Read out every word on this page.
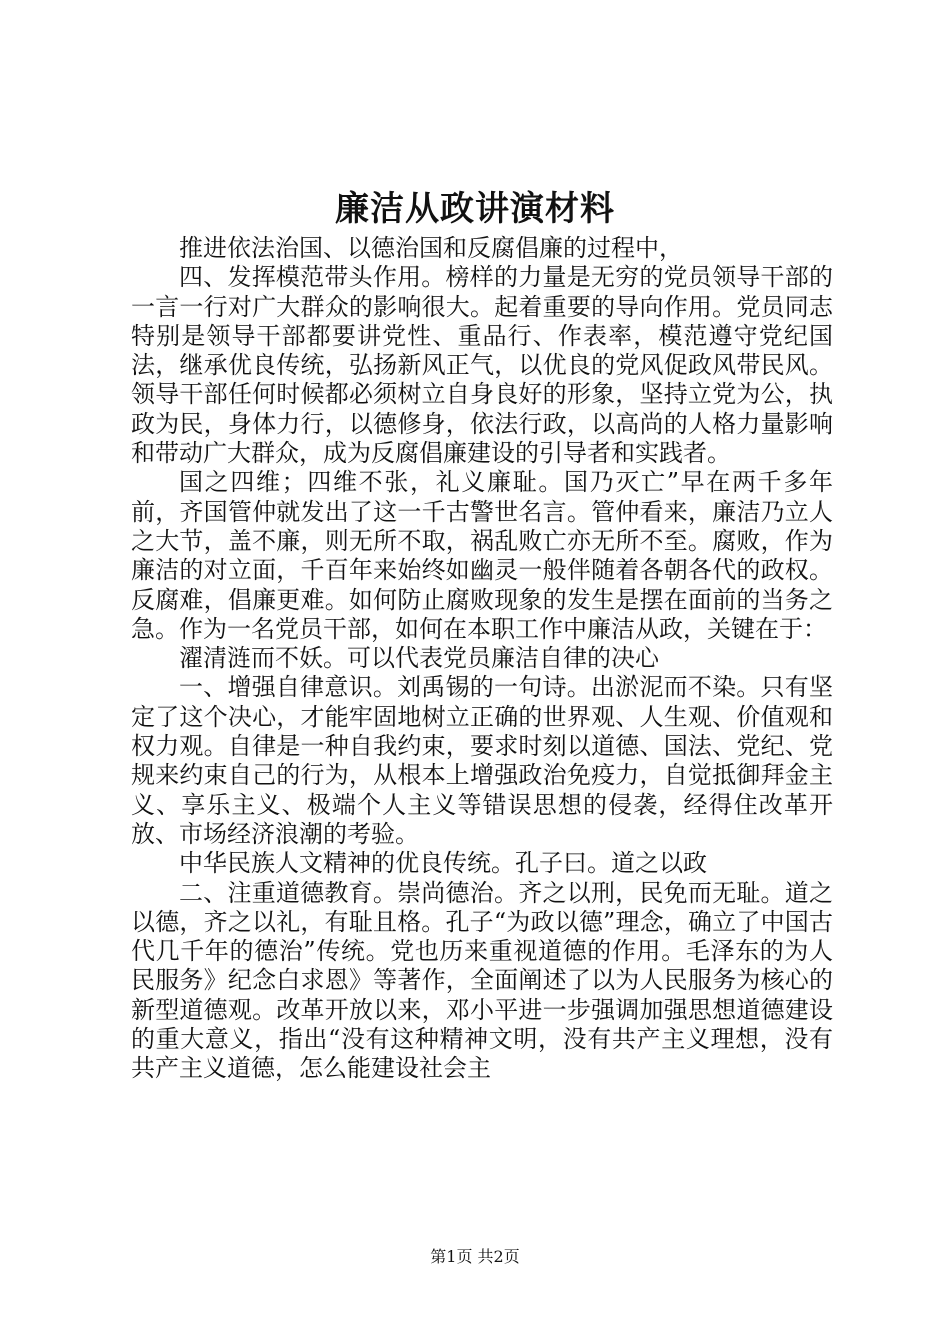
廉洁从政讲演材料

推进依法治国、以德治国和反腐倡廉的过程中，

四、发挥模范带头作用。榜样的力量是无穷的党员领导干部的一言一行对广大群众的影响很大。起着重要的导向作用。党员同志特别是领导干部都要讲党性、重品行、作表率，模范遵守党纪国法，继承优良传统，弘扬新风正气，以优良的党风促政风带民风。领导干部任何时候都必须树立自身良好的形象，坚持立党为公，执政为民，身体力行，以德修身，依法行政，以高尚的人格力量影响和带动广大群众，成为反腐倡廉建设的引导者和实践者。

国之四维；四维不张，礼义廉耻。国乃灭亡”早在两千多年前，齐国管仲就发出了这一千古警世名言。管仲看来，廉洁乃立人之大节，盖不廉，则无所不取，祸乱败亡亦无所不至。腐败，作为廉洁的对立面，千百年来始终如幽灵一般伴随着各朝各代的政权。反腐难，倡廉更难。如何防止腐败现象的发生是摆在面前的当务之急。作为一名党员干部，如何在本职工作中廉洁从政，关键在于：

濯清涟而不妖。可以代表党员廉洁自律的决心

一、增强自律意识。刘禹锡的一句诗。出淤泥而不染。只有坚定了这个决心，才能牢固地树立正确的世界观、人生观、价值观和权力观。自律是一种自我约束，要求时刻以道德、国法、党纪、党规来约束自己的行为，从根本上增强政治免疫力，自觉抵御拜金主义、享乐主义、极端个人主义等错误思想的侵袭，经得住改革开放、市场经济浪潮的考验。

中华民族人文精神的优良传统。孔子曰。道之以政

二、注重道德教育。崇尚德治。齐之以刑，民免而无耻。道之以德，齐之以礼，有耻且格。孔子“为政以德”理念，确立了中国古代几千年的德治”传统。党也历来重视道德的作用。毛泽东的为人民服务》纪念白求恩》等著作，全面阐述了以为人民服务为核心的新型道德观。改革开放以来，邓小平进一步强调加强思想道德建设的重大意义，指出“没有这种精神文明，没有共产主义理想，没有共产主义道德，怎么能建设社会主

第1页 共2页
